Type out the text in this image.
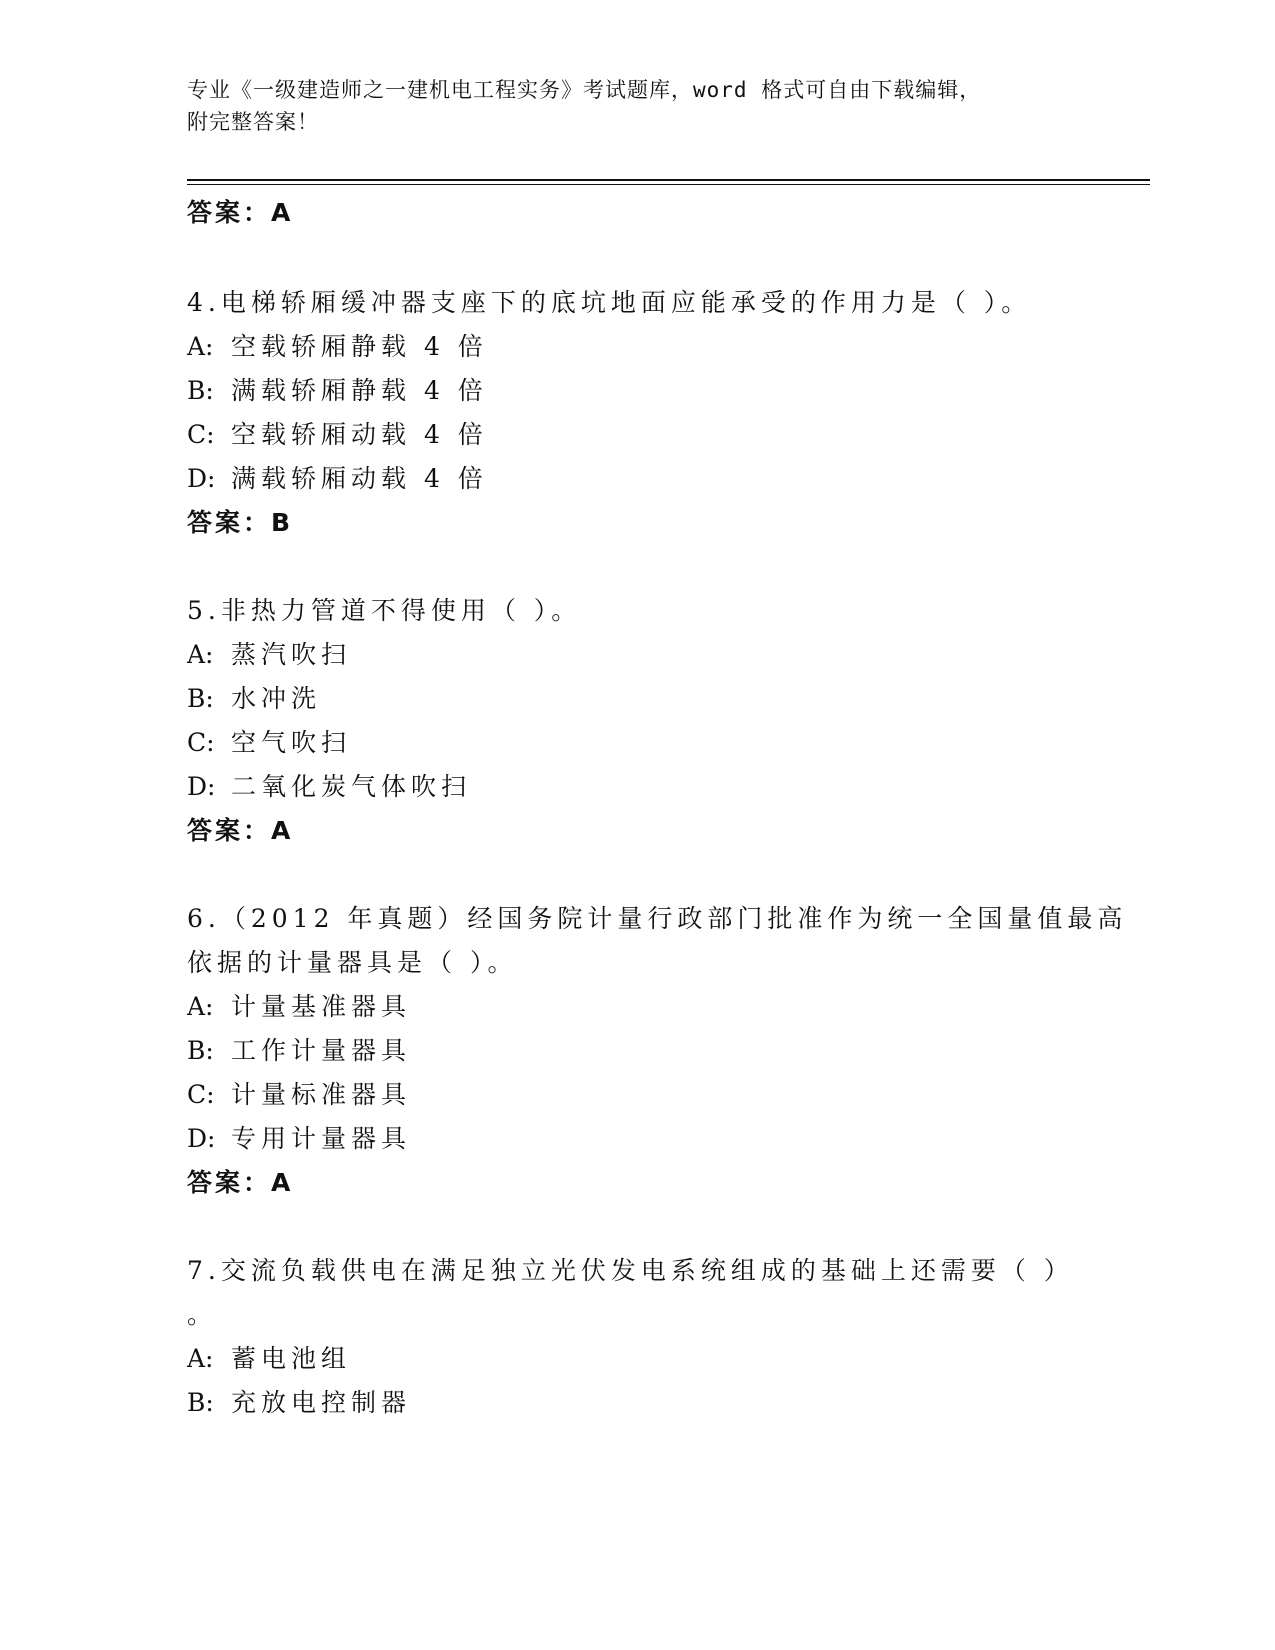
专业《一级建造师之一建机电工程实务》考试题库，word 格式可自由下载编辑，
附完整答案！
答案：A
4.电梯轿厢缓冲器支座下的底坑地面应能承受的作用力是（ ）。
A: 空载轿厢静载 4 倍
B: 满载轿厢静载 4 倍
C: 空载轿厢动载 4 倍
D: 满载轿厢动载 4 倍
答案：B
5.非热力管道不得使用（ ）。
A: 蒸汽吹扫
B: 水冲洗
C: 空气吹扫
D: 二氧化炭气体吹扫
答案：A
6.（2012 年真题）经国务院计量行政部门批准作为统一全国量值最高
依据的计量器具是（ ）。
A: 计量基准器具
B: 工作计量器具
C: 计量标准器具
D: 专用计量器具
答案：A
7.交流负载供电在满足独立光伏发电系统组成的基础上还需要（ ）
。
A: 蓄电池组
B: 充放电控制器
